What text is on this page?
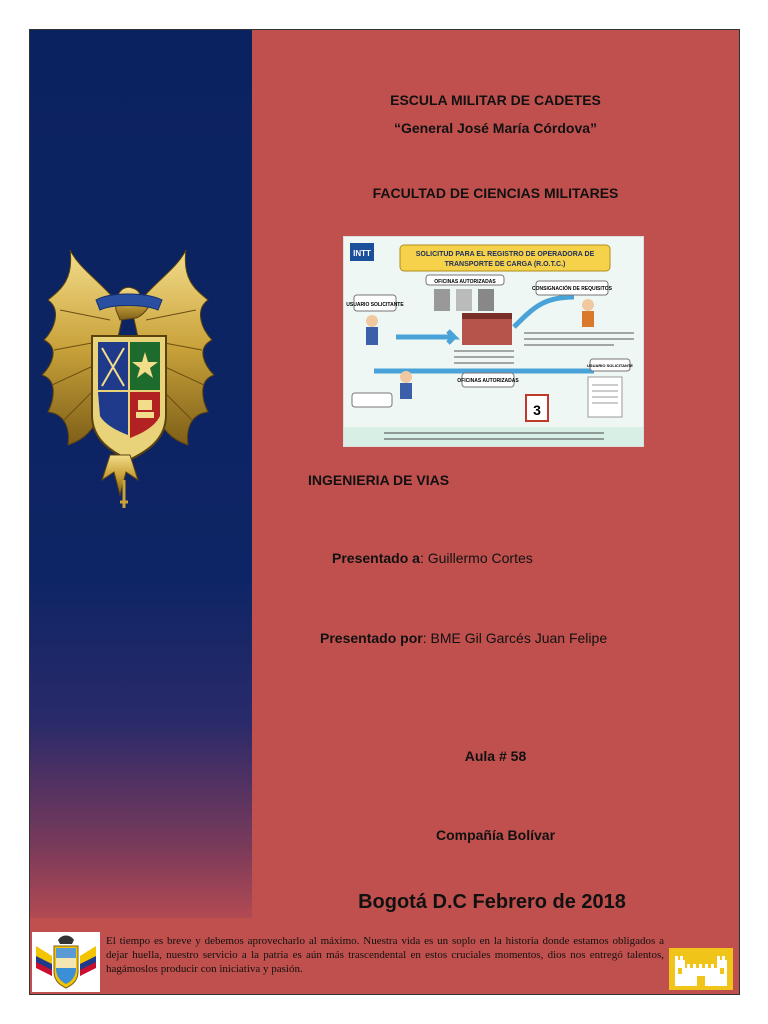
ESCULA MILITAR DE CADETES

“General José María Córdova”

FACULTAD DE CIENCIAS MILITARES

INTT	SOLICITUD PARA EL REGISTRO DE OPERADORA DE
TRANSPORTE DE CARGA (R.O.T.C.)
OFICINAS AUTORIZADAS
USUARIO SOLICITANTE
CONSIGNACIÓN DE REQUISITOS
OFICINAS AUTORIZADAS
3
USUARIO SOLICITANTE

INGENIERIA DE VIAS

Presentado a: Guillermo Cortes

Presentado por: BME Gil Garcés Juan Felipe

Aula # 58

Compañía Bolívar

Bogotá D.C Febrero de 2018

El tiempo es breve y debemos aprovecharlo al máximo. Nuestra vida es un soplo en la historia donde estamos obligados a dejar huella, nuestro servicio a la patria es aún más trascendental en estos cruciales momentos, dios nos entregó talentos, hagámoslos producir con iniciativa y pasión.
